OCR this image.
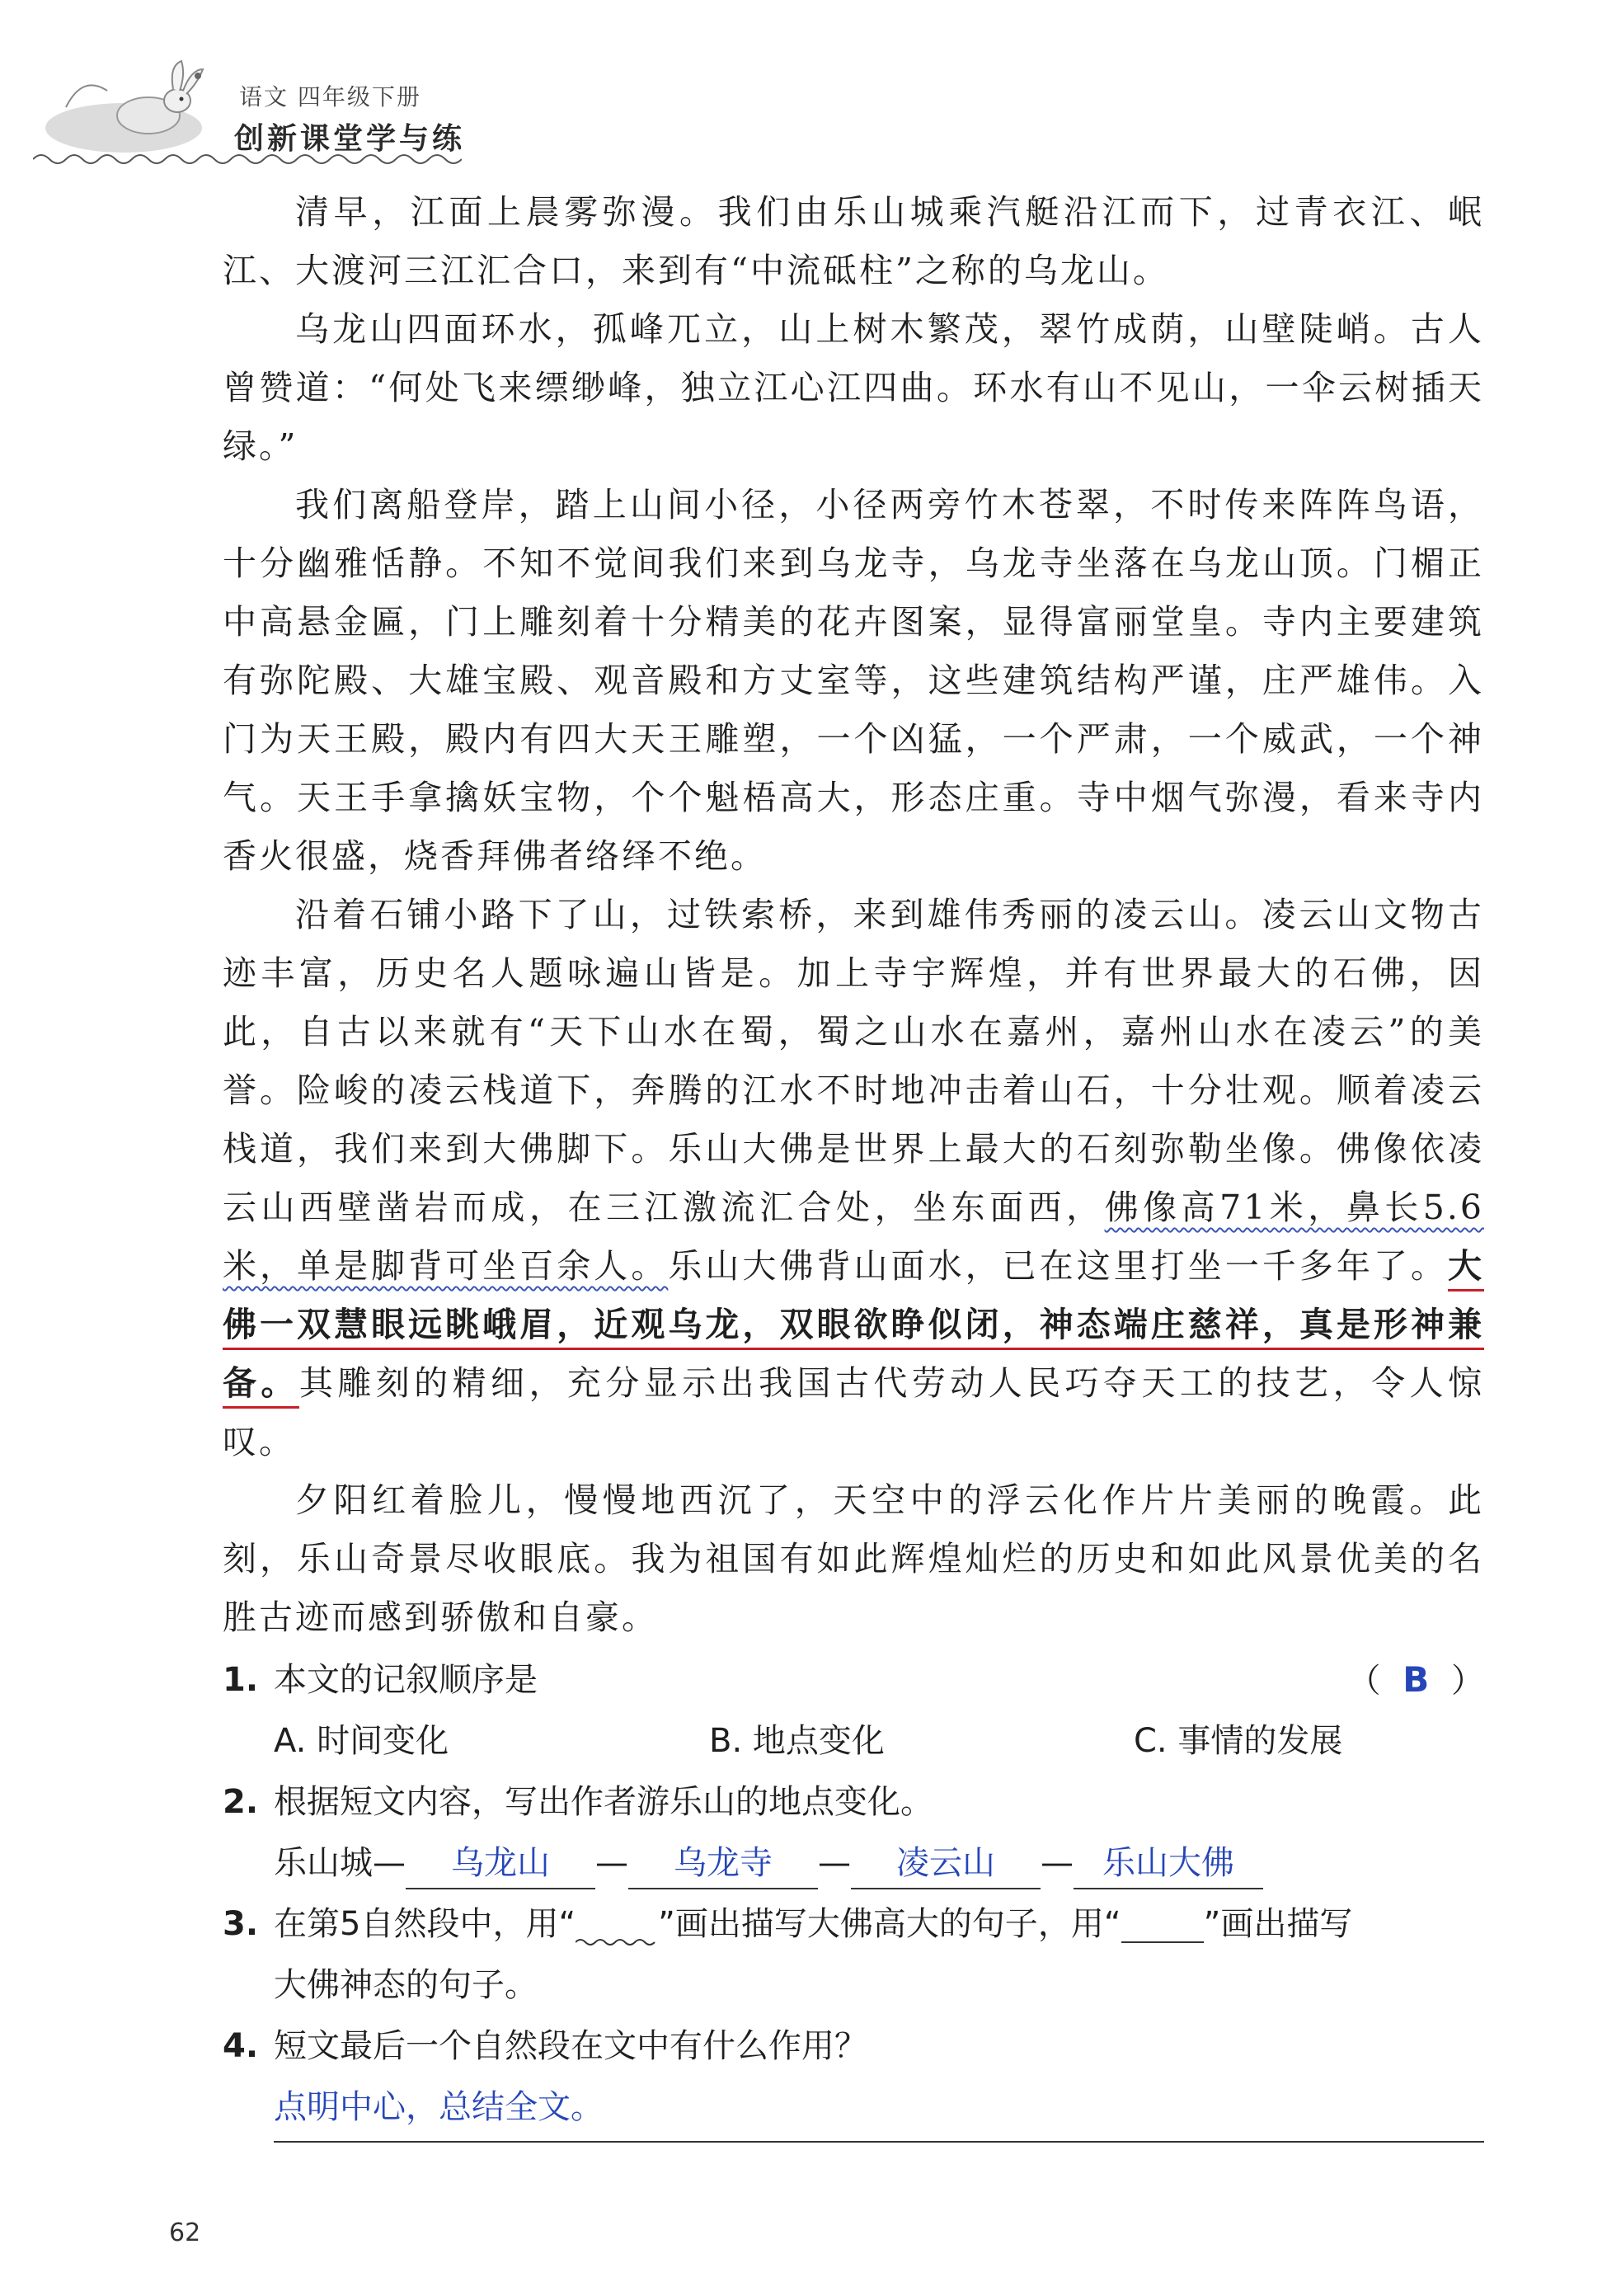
语文 四年级下册
创新课堂学与练

清早，江面上晨雾弥漫。我们由乐山城乘汽艇沿江而下，过青衣江、岷江、大渡河三江汇合口，来到有“中流砥柱”之称的乌龙山。

乌龙山四面环水，孤峰兀立，山上树木繁茂，翠竹成荫，山壁陡峭。古人曾赞道：“何处飞来缥缈峰，独立江心江四曲。环水有山不见山，一伞云树插天绿。”

我们离船登岸，踏上山间小径，小径两旁竹木苍翠，不时传来阵阵鸟语，十分幽雅恬静。不知不觉间我们来到乌龙寺，乌龙寺坐落在乌龙山顶。门楣正中高悬金匾，门上雕刻着十分精美的花卉图案，显得富丽堂皇。寺内主要建筑有弥陀殿、大雄宝殿、观音殿和方丈室等，这些建筑结构严谨，庄严雄伟。入门为天王殿，殿内有四大天王雕塑，一个凶猛，一个严肃，一个威武，一个神气。天王手拿擒妖宝物，个个魁梧高大，形态庄重。寺中烟气弥漫，看来寺内香火很盛，烧香拜佛者络绎不绝。

沿着石铺小路下了山，过铁索桥，来到雄伟秀丽的凌云山。凌云山文物古迹丰富，历史名人题咏遍山皆是。加上寺宇辉煌，并有世界最大的石佛，因此，自古以来就有“天下山水在蜀，蜀之山水在嘉州，嘉州山水在凌云”的美誉。险峻的凌云栈道下，奔腾的江水不时地冲击着山石，十分壮观。顺着凌云栈道，我们来到大佛脚下。乐山大佛是世界上最大的石刻弥勒坐像。佛像依凌云山西壁凿岩而成，在三江激流汇合处，坐东面西，佛像高71米，鼻长5.6米，单是脚背可坐百余人。乐山大佛背山面水，已在这里打坐一千多年了。大佛一双慧眼远眺峨眉，近观乌龙，双眼欲睁似闭，神态端庄慈祥，真是形神兼备。其雕刻的精细，充分显示出我国古代劳动人民巧夺天工的技艺，令人惊叹。

夕阳红着脸儿，慢慢地西沉了，天空中的浮云化作片片美丽的晚霞。此刻，乐山奇景尽收眼底。我为祖国有如此辉煌灿烂的历史和如此风景优美的名胜古迹而感到骄傲和自豪。

1. 本文的记叙顺序是	（ B ）
A. 时间变化	B. 地点变化	C. 事情的发展
2. 根据短文内容，写出作者游乐山的地点变化。
乐山城— 乌龙山 — 乌龙寺 — 凌云山 — 乐山大佛
3. 在第5自然段中，用“	”画出描写大佛高大的句子，用“	”画出描写
大佛神态的句子。
4. 短文最后一个自然段在文中有什么作用？
点明中心，总结全文。
62
